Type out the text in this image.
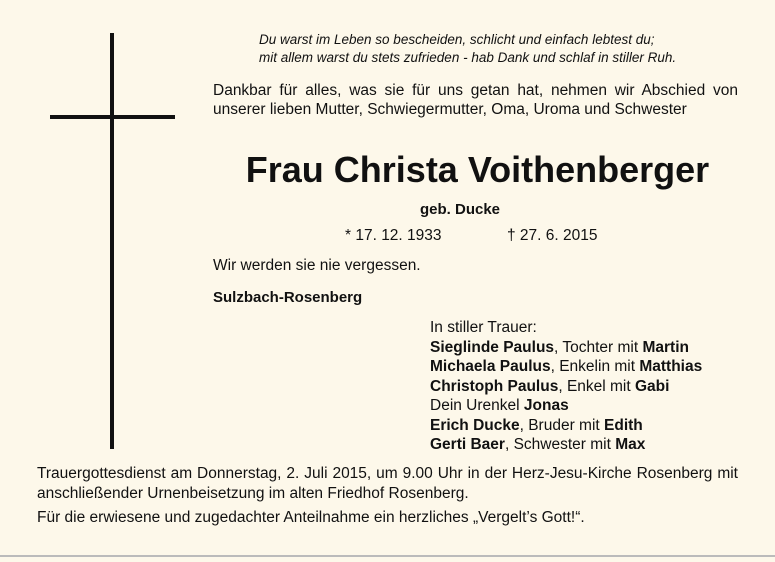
Du warst im Leben so bescheiden, schlicht und einfach lebtest du;
mit allem warst du stets zufrieden - hab Dank und schlaf in stiller Ruh.
Dankbar für alles, was sie für uns getan hat, nehmen wir Abschied von unserer lieben Mutter, Schwiegermutter, Oma, Uroma und Schwester
Frau Christa Voithenberger
geb. Ducke
* 17. 12. 1933	† 27. 6. 2015
Wir werden sie nie vergessen.
Sulzbach-Rosenberg
In stiller Trauer:
Sieglinde Paulus, Tochter mit Martin
Michaela Paulus, Enkelin mit Matthias
Christoph Paulus, Enkel mit Gabi
Dein Urenkel Jonas
Erich Ducke, Bruder mit Edith
Gerti Baer, Schwester mit Max
Trauergottesdienst am Donnerstag, 2. Juli 2015, um 9.00 Uhr in der Herz-Jesu-Kirche Rosenberg mit anschließender Urnenbeisetzung im alten Friedhof Rosenberg.
Für die erwiesene und zugedachter Anteilnahme ein herzliches „Vergelt’s Gott!“.
